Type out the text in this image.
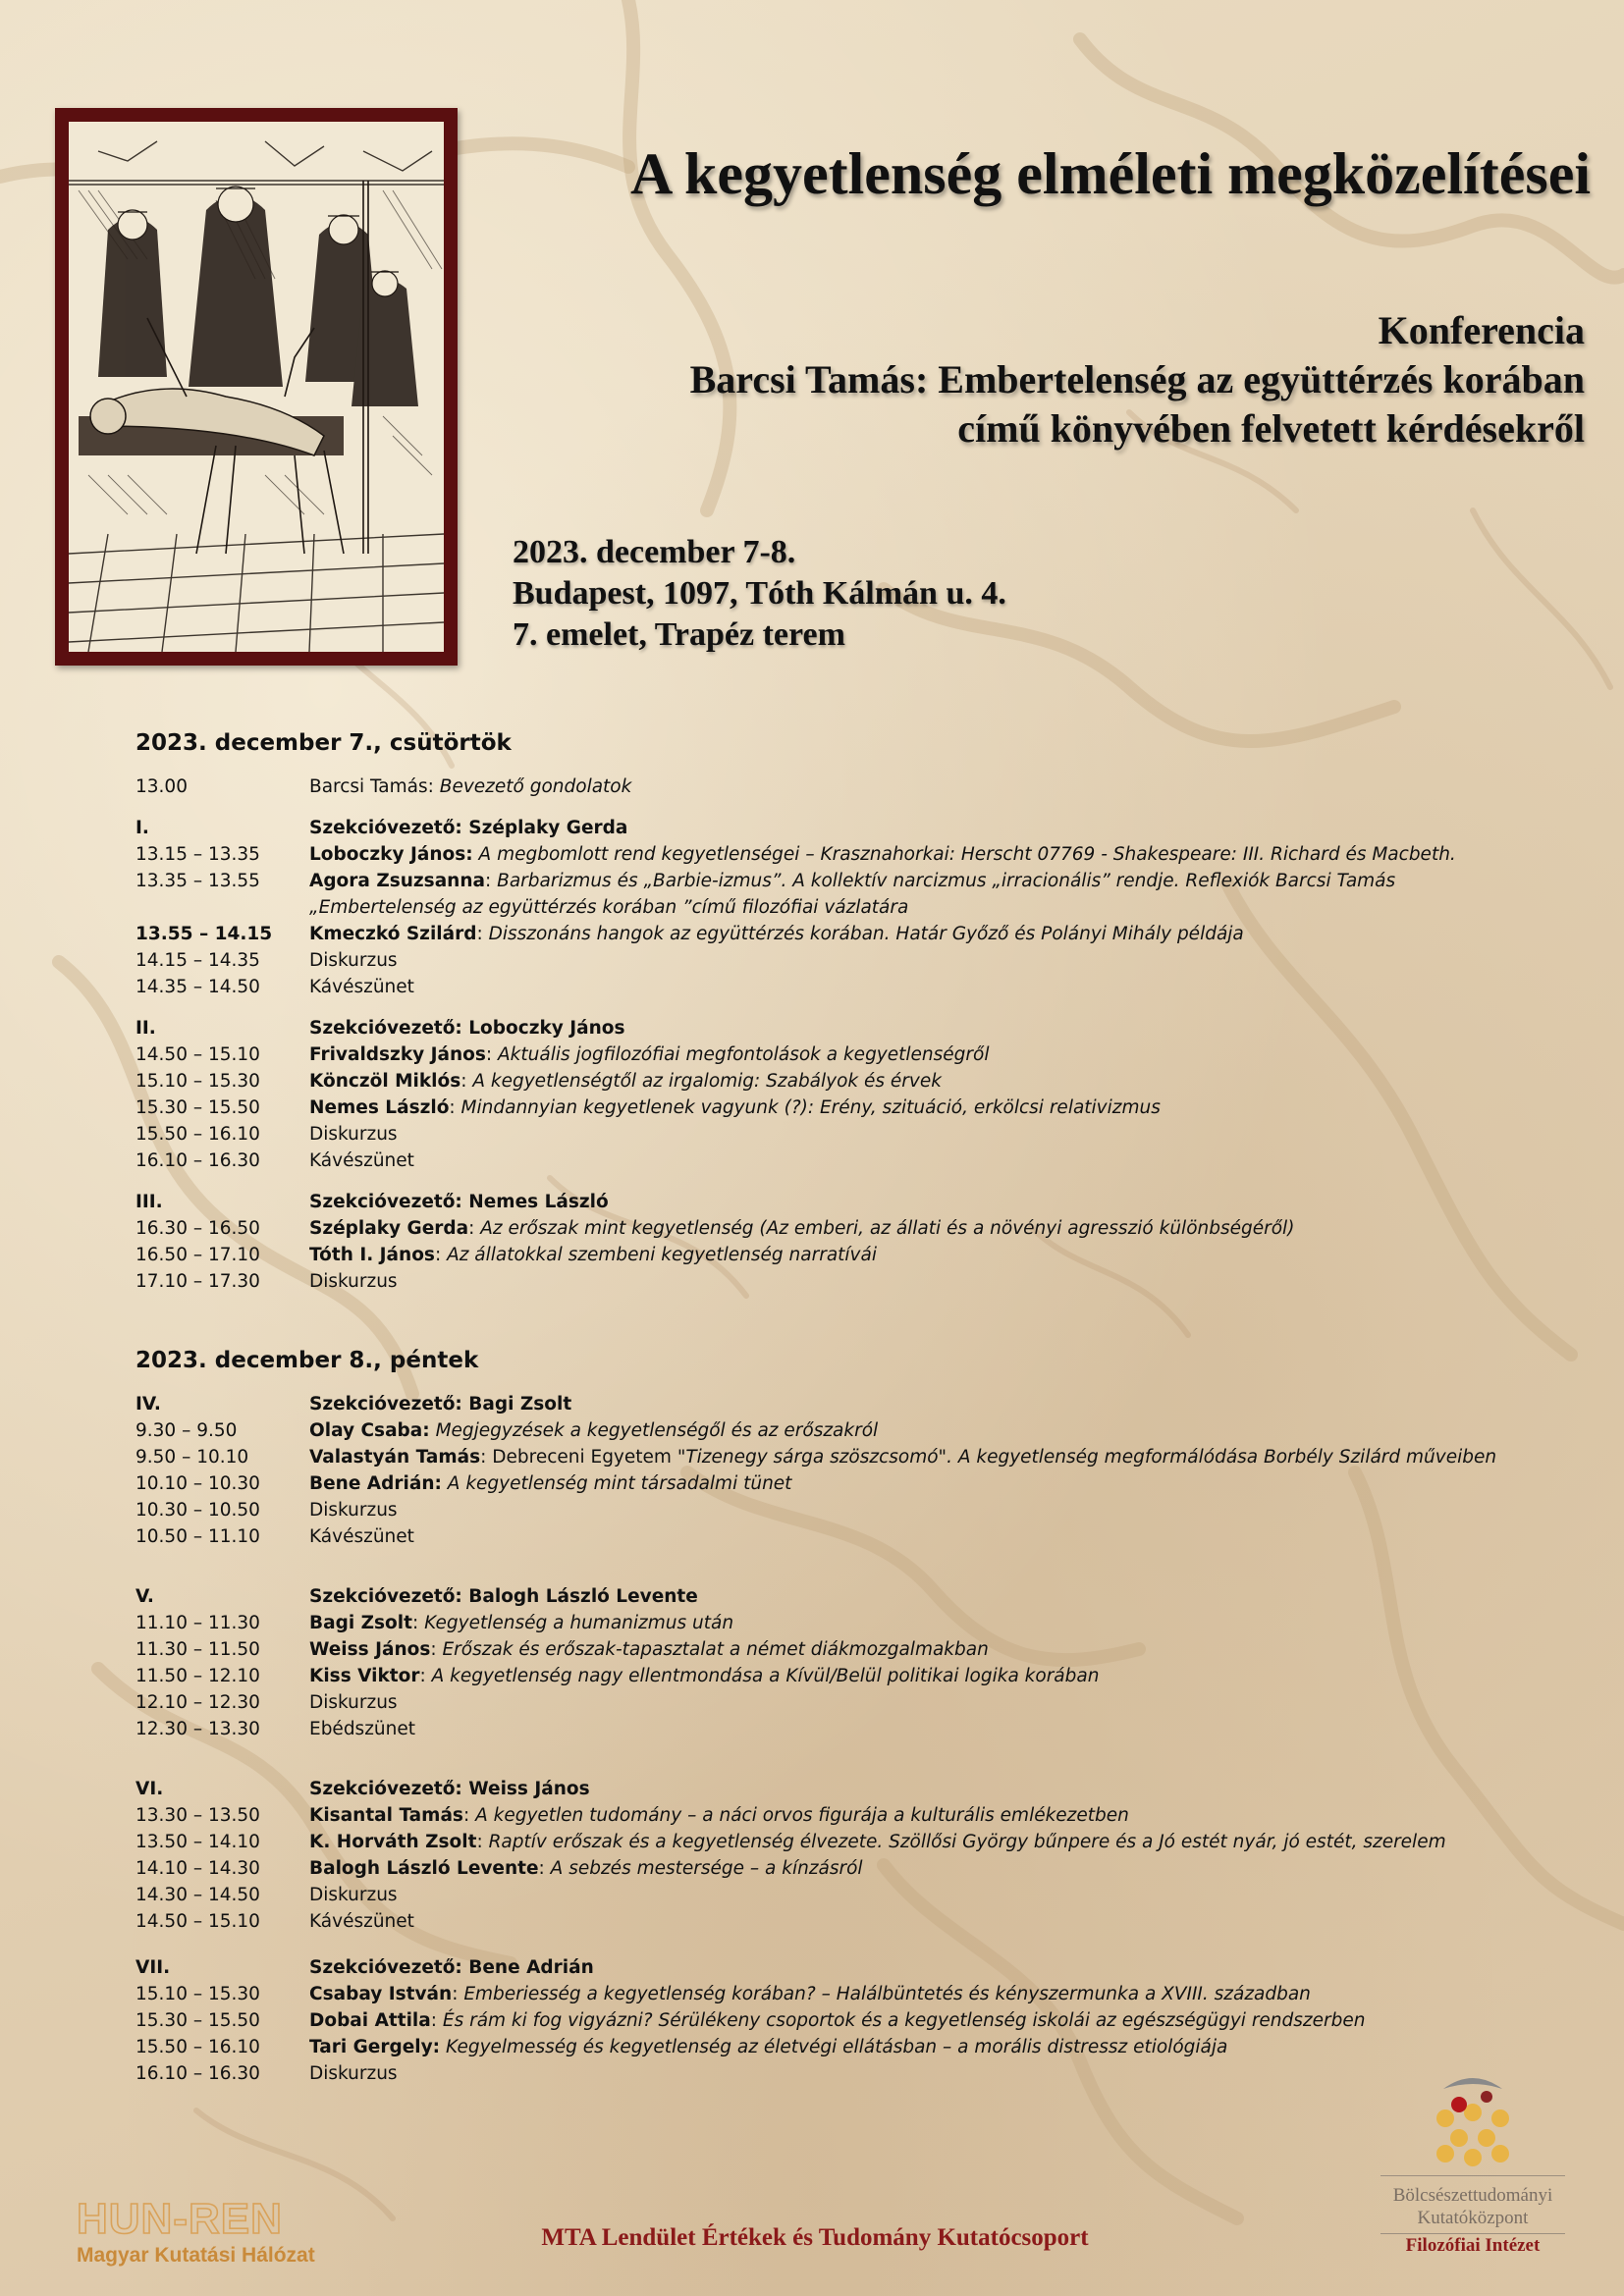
A kegyetlenség elméleti megközelítései
Konferencia
Barcsi Tamás: Embertelenség az együttérzés korában
című könyvében felvetett kérdésekről
2023. december 7-8.
Budapest, 1097, Tóth Kálmán u. 4.
7. emelet, Trapéz terem
2023. december 7., csütörtök
13.00	Barcsi Tamás: Bevezető gondolatok
I.	Szekcióvezető: Széplaky Gerda
13.15 – 13.35	Loboczky János: A megbomlott rend kegyetlenségei – Krasznahorkai: Herscht 07769 - Shakespeare: III. Richard és Macbeth.
13.35 – 13.55	Agora Zsuzsanna: Barbarizmus és „Barbie-izmus”. A kollektív narcizmus „irracionális” rendje. Reflexiók Barcsi Tamás „Embertelenség az együttérzés korában ”című filozófiai vázlatára
13.55 – 14.15	Kmeczkó Szilárd: Disszonáns hangok az együttérzés korában. Határ Győző és Polányi Mihály példája
14.15 – 14.35	Diskurzus
14.35 – 14.50	Kávészünet
II.	Szekcióvezető: Loboczky János
14.50 – 15.10	Frivaldszky János: Aktuális jogfilozófiai megfontolások a kegyetlenségről
15.10 – 15.30	Könczöl Miklós: A kegyetlenségtől az irgalomig: Szabályok és érvek
15.30 – 15.50	Nemes László: Mindannyian kegyetlenek vagyunk (?): Erény, szituáció, erkölcsi relativizmus
15.50 – 16.10	Diskurzus
16.10 – 16.30	Kávészünet
III.	Szekcióvezető: Nemes László
16.30 – 16.50	Széplaky Gerda: Az erőszak mint kegyetlenség (Az emberi, az állati és a növényi agresszió különbségéről)
16.50 – 17.10	Tóth I. János: Az állatokkal szembeni kegyetlenség narratívái
17.10 – 17.30	Diskurzus
2023. december 8., péntek
IV.	Szekcióvezető: Bagi Zsolt
9.30 – 9.50	Olay Csaba: Megjegyzések a kegyetlenségől és az erőszakról
9.50 – 10.10	Valastyán Tamás: Debreceni Egyetem "Tizenegy sárga szöszcsomó". A kegyetlenség megformálódása Borbély Szilárd műveiben
10.10 – 10.30	Bene Adrián: A kegyetlenség mint társadalmi tünet
10.30 – 10.50	Diskurzus
10.50 – 11.10	Kávészünet
V.	Szekcióvezető: Balogh László Levente
11.10 – 11.30	Bagi Zsolt: Kegyetlenség a humanizmus után
11.30 – 11.50	Weiss János: Erőszak és erőszak-tapasztalat a német diákmozgalmakban
11.50 – 12.10	Kiss Viktor: A kegyetlenség nagy ellentmondása a Kívül/Belül politikai logika korában
12.10 – 12.30	Diskurzus
12.30 – 13.30	Ebédszünet
VI.	Szekcióvezető: Weiss János
13.30 – 13.50	Kisantal Tamás: A kegyetlen tudomány – a náci orvos figurája a kulturális emlékezetben
13.50 – 14.10	K. Horváth Zsolt: Raptív erőszak és a kegyetlenség élvezete. Szöllősi György bűnpere és a Jó estét nyár, jó estét, szerelem
14.10 – 14.30	Balogh László Levente: A sebzés mestersége – a kínzásról
14.30 – 14.50	Diskurzus
14.50 – 15.10	Kávészünet
VII.	Szekcióvezető: Bene Adrián
15.10 – 15.30	Csabay István: Emberiesség a kegyetlenség korában? – Halálbüntetés és kényszermunka a XVIII. században
15.30 – 15.50	Dobai Attila: És rám ki fog vigyázni? Sérülékeny csoportok és a kegyetlenség iskolái az egészségügyi rendszerben
15.50 – 16.10	Tari Gergely: Kegyelmesség és kegyetlenség az életvégi ellátásban – a morális distressz etiológiája
16.10 – 16.30	Diskurzus
HUN-REN
Magyar Kutatási Hálózat
MTA Lendület Értékek és Tudomány Kutatócsoport
Bölcsészettudományi
Kutatóközpont
Filozófiai Intézet
